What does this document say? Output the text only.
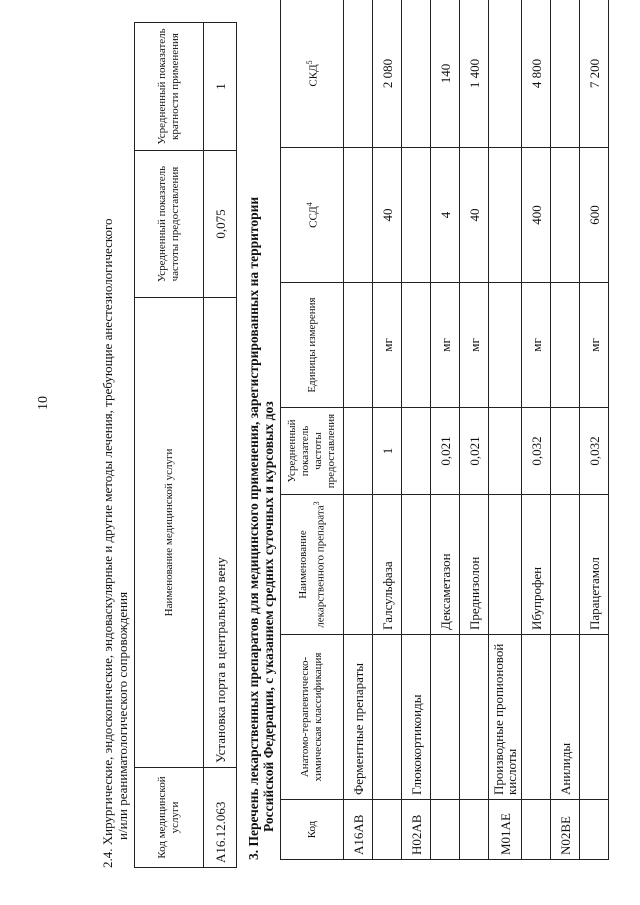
10	2.4. Хирургические, эндоскопические, эндоваскулярные и другие методы лечения, требующие анестезиологического и/или реаниматологического сопровождения Код медицинской услуги	Наименование медицинской услуги	Усредненный показатель частоты предоставления	Усредненный показатель кратности применения
A16.12.063	Установка порта в центральную вену	0,075	1
3. Перечень лекарственных препаратов для медицинского применения, зарегистрированных на территории Российской Федерации, с указанием средних суточных и курсовых доз	Код	Анатомо-терапевтическо-химическая классификация	Наименование лекарственного препарата$^3$	Усредненный показатель частоты предоставления	Единицы измерения	ССД$^4$	СКД$^5$
A16AB	Ферментные препараты					
		Галсульфаза	1	мг	40	2 080
H02AB	Глюкокортикоиды					
		Дексаметазон	0,021	мг	4	140
		Преднизолон	0,021	мг	40	1 400
M01AE	Производные пропионовой кислоты					
		Ибупрофен	0,032	мг	400	4 800
N02BE	Анилиды					
		Парацетамол	0,032	мг	600	7 200
